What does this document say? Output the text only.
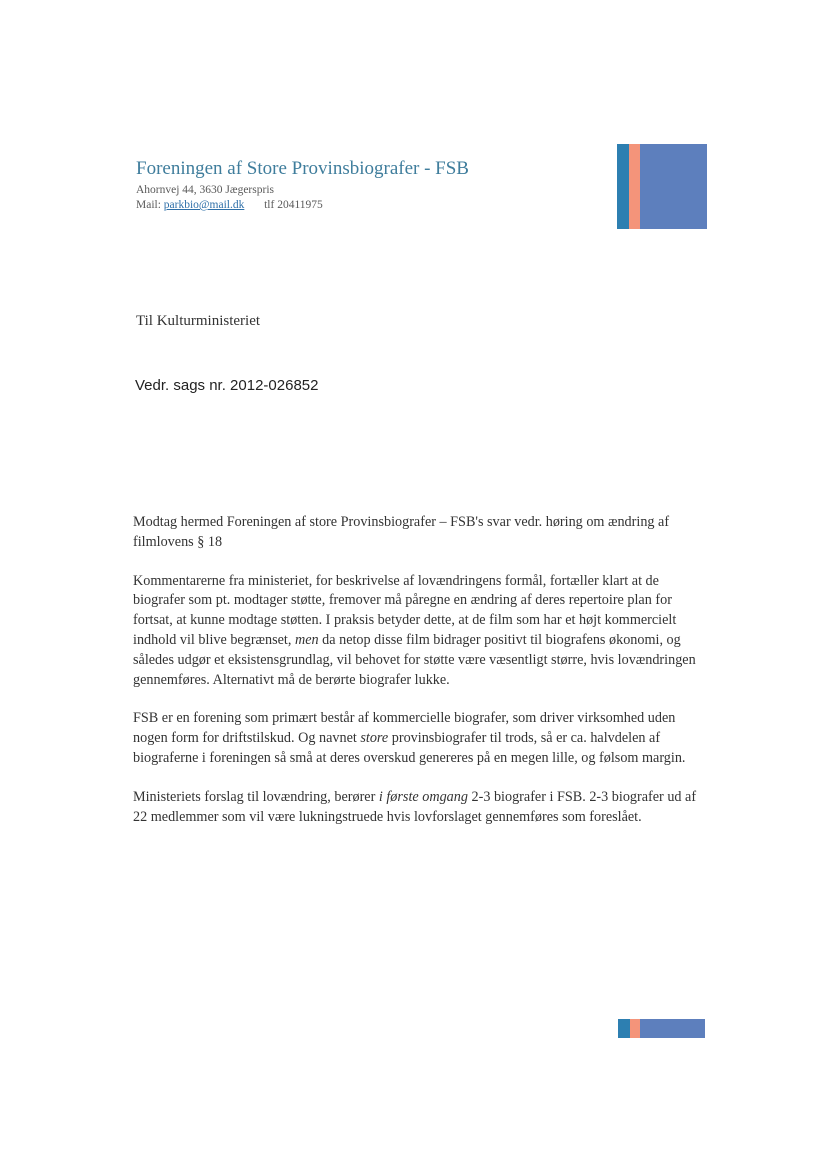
Foreningen af Store Provinsbiografer - FSB
Ahornvej 44, 3630 Jægerspris
Mail: parkbio@mail.dk tlf 20411975
Til Kulturministeriet
Vedr. sags nr. 2012-026852

Modtag hermed Foreningen af store Provinsbiografer – FSB's svar vedr. høring om ændring af filmlovens § 18

Kommentarerne fra ministeriet, for beskrivelse af lovændringens formål, fortæller klart at de biografer som pt. modtager støtte, fremover må påregne en ændring af deres repertoire plan for fortsat, at kunne modtage støtten. I praksis betyder dette, at de film som har et højt kommercielt indhold vil blive begrænset, men da netop disse film bidrager positivt til biografens økonomi, og således udgør et eksistensgrundlag, vil behovet for støtte være væsentligt større, hvis lovændringen gennemføres. Alternativt må de berørte biografer lukke.

FSB er en forening som primært består af kommercielle biografer, som driver virksomhed uden nogen form for driftstilskud. Og navnet store provinsbiografer til trods, så er ca. halvdelen af biograferne i foreningen så små at deres overskud genereres på en megen lille, og følsom margin.

Ministeriets forslag til lovændring, berører i første omgang 2-3 biografer i FSB. 2-3 biografer ud af 22 medlemmer som vil være lukningstruede hvis lovforslaget gennemføres som foreslået.
